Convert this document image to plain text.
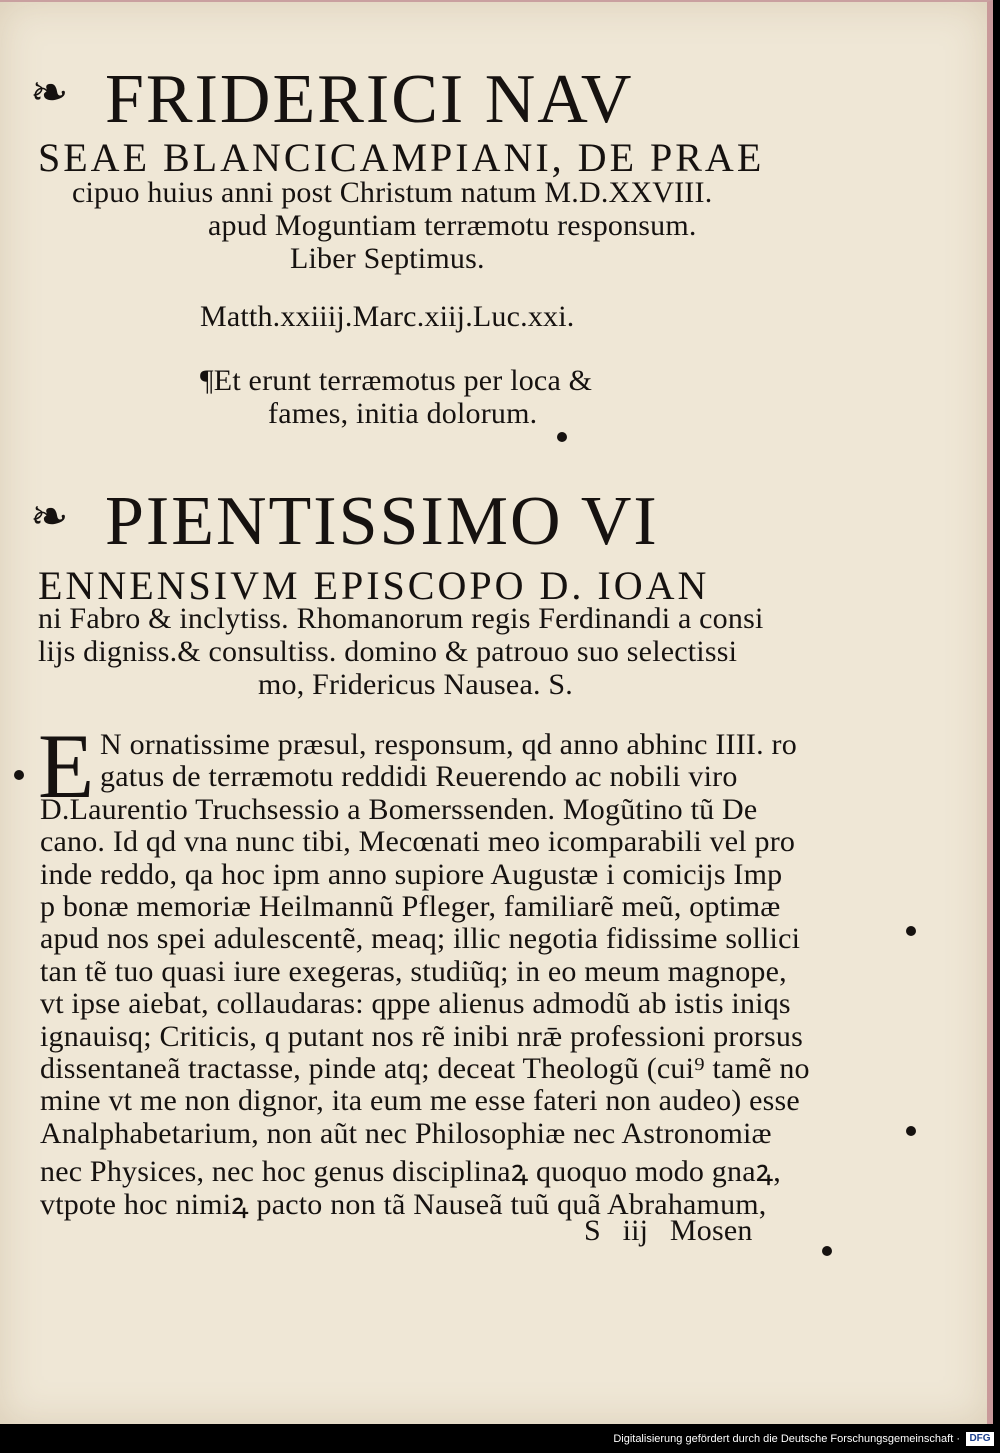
❧ FRIDERICI NAV
SEAE BLANCICAMPIANI, DE PRAE
cipuo huius anni post Christum natum M.D.XXVIII.
apud Moguntiam terræmotu responsum.
Liber Septimus.
Matth.xxiiij.Marc.xiij.Luc.xxi.
¶Et erunt terræmotus per loca &
fames, initia dolorum.
❧ PIENTISSIMO VI
ENNENSIVM EPISCOPO D. IOAN
ni Fabro & inclytiss. Rhomanorum regis Ferdinandi a consi
lijs digniss.& consultiss. domino & patrouo suo selectissi
mo, Fridericus Nausea. S.
E N ornatissime præsul, responsum, qd anno abhinc IIII. ro
gatus de terræmotu reddidi Reuerendo ac nobili viro
D.Laurentio Truchsessio a Bomerssenden. Mogũtino tũ De
cano. Id qd vna nunc tibi, Mecœnati meo icomparabili vel pro
inde reddo, qa hoc ipm anno supiore Augustæ i comicijs Imp
p bonæ memoriæ Heilmannũ Pfleger, familiarẽ meũ, optimæ
apud nos spei adulescentẽ, meaq; illic negotia fidissime sollici
tan tẽ tuo quasi iure exegeras, studiũq; in eo meum magnope,
vt ipse aiebat, collaudaras: qppe alienus admodũ ab istis iniqs
ignauisq; Criticis, q putant nos rẽ inibi nrǣ professioni prorsus
dissentaneã tractasse, pinde atq; deceat Theologũ (cui⁹ tamẽ no
mine vt me non dignor, ita eum me esse fateri non audeo) esse
Analphabetarium, non aũt nec Philosophiæ nec Astronomiæ
nec Physices, nec hoc genus disciplinaꝝ quoquo modo gnaꝝ,
vtpote hoc nimiꝝ pacto non tã Nauseã tuũ quã Abrahamum,
S iij Mosen
Digitalisierung gefördert durch die Deutsche Forschungsgemeinschaft · DFG
